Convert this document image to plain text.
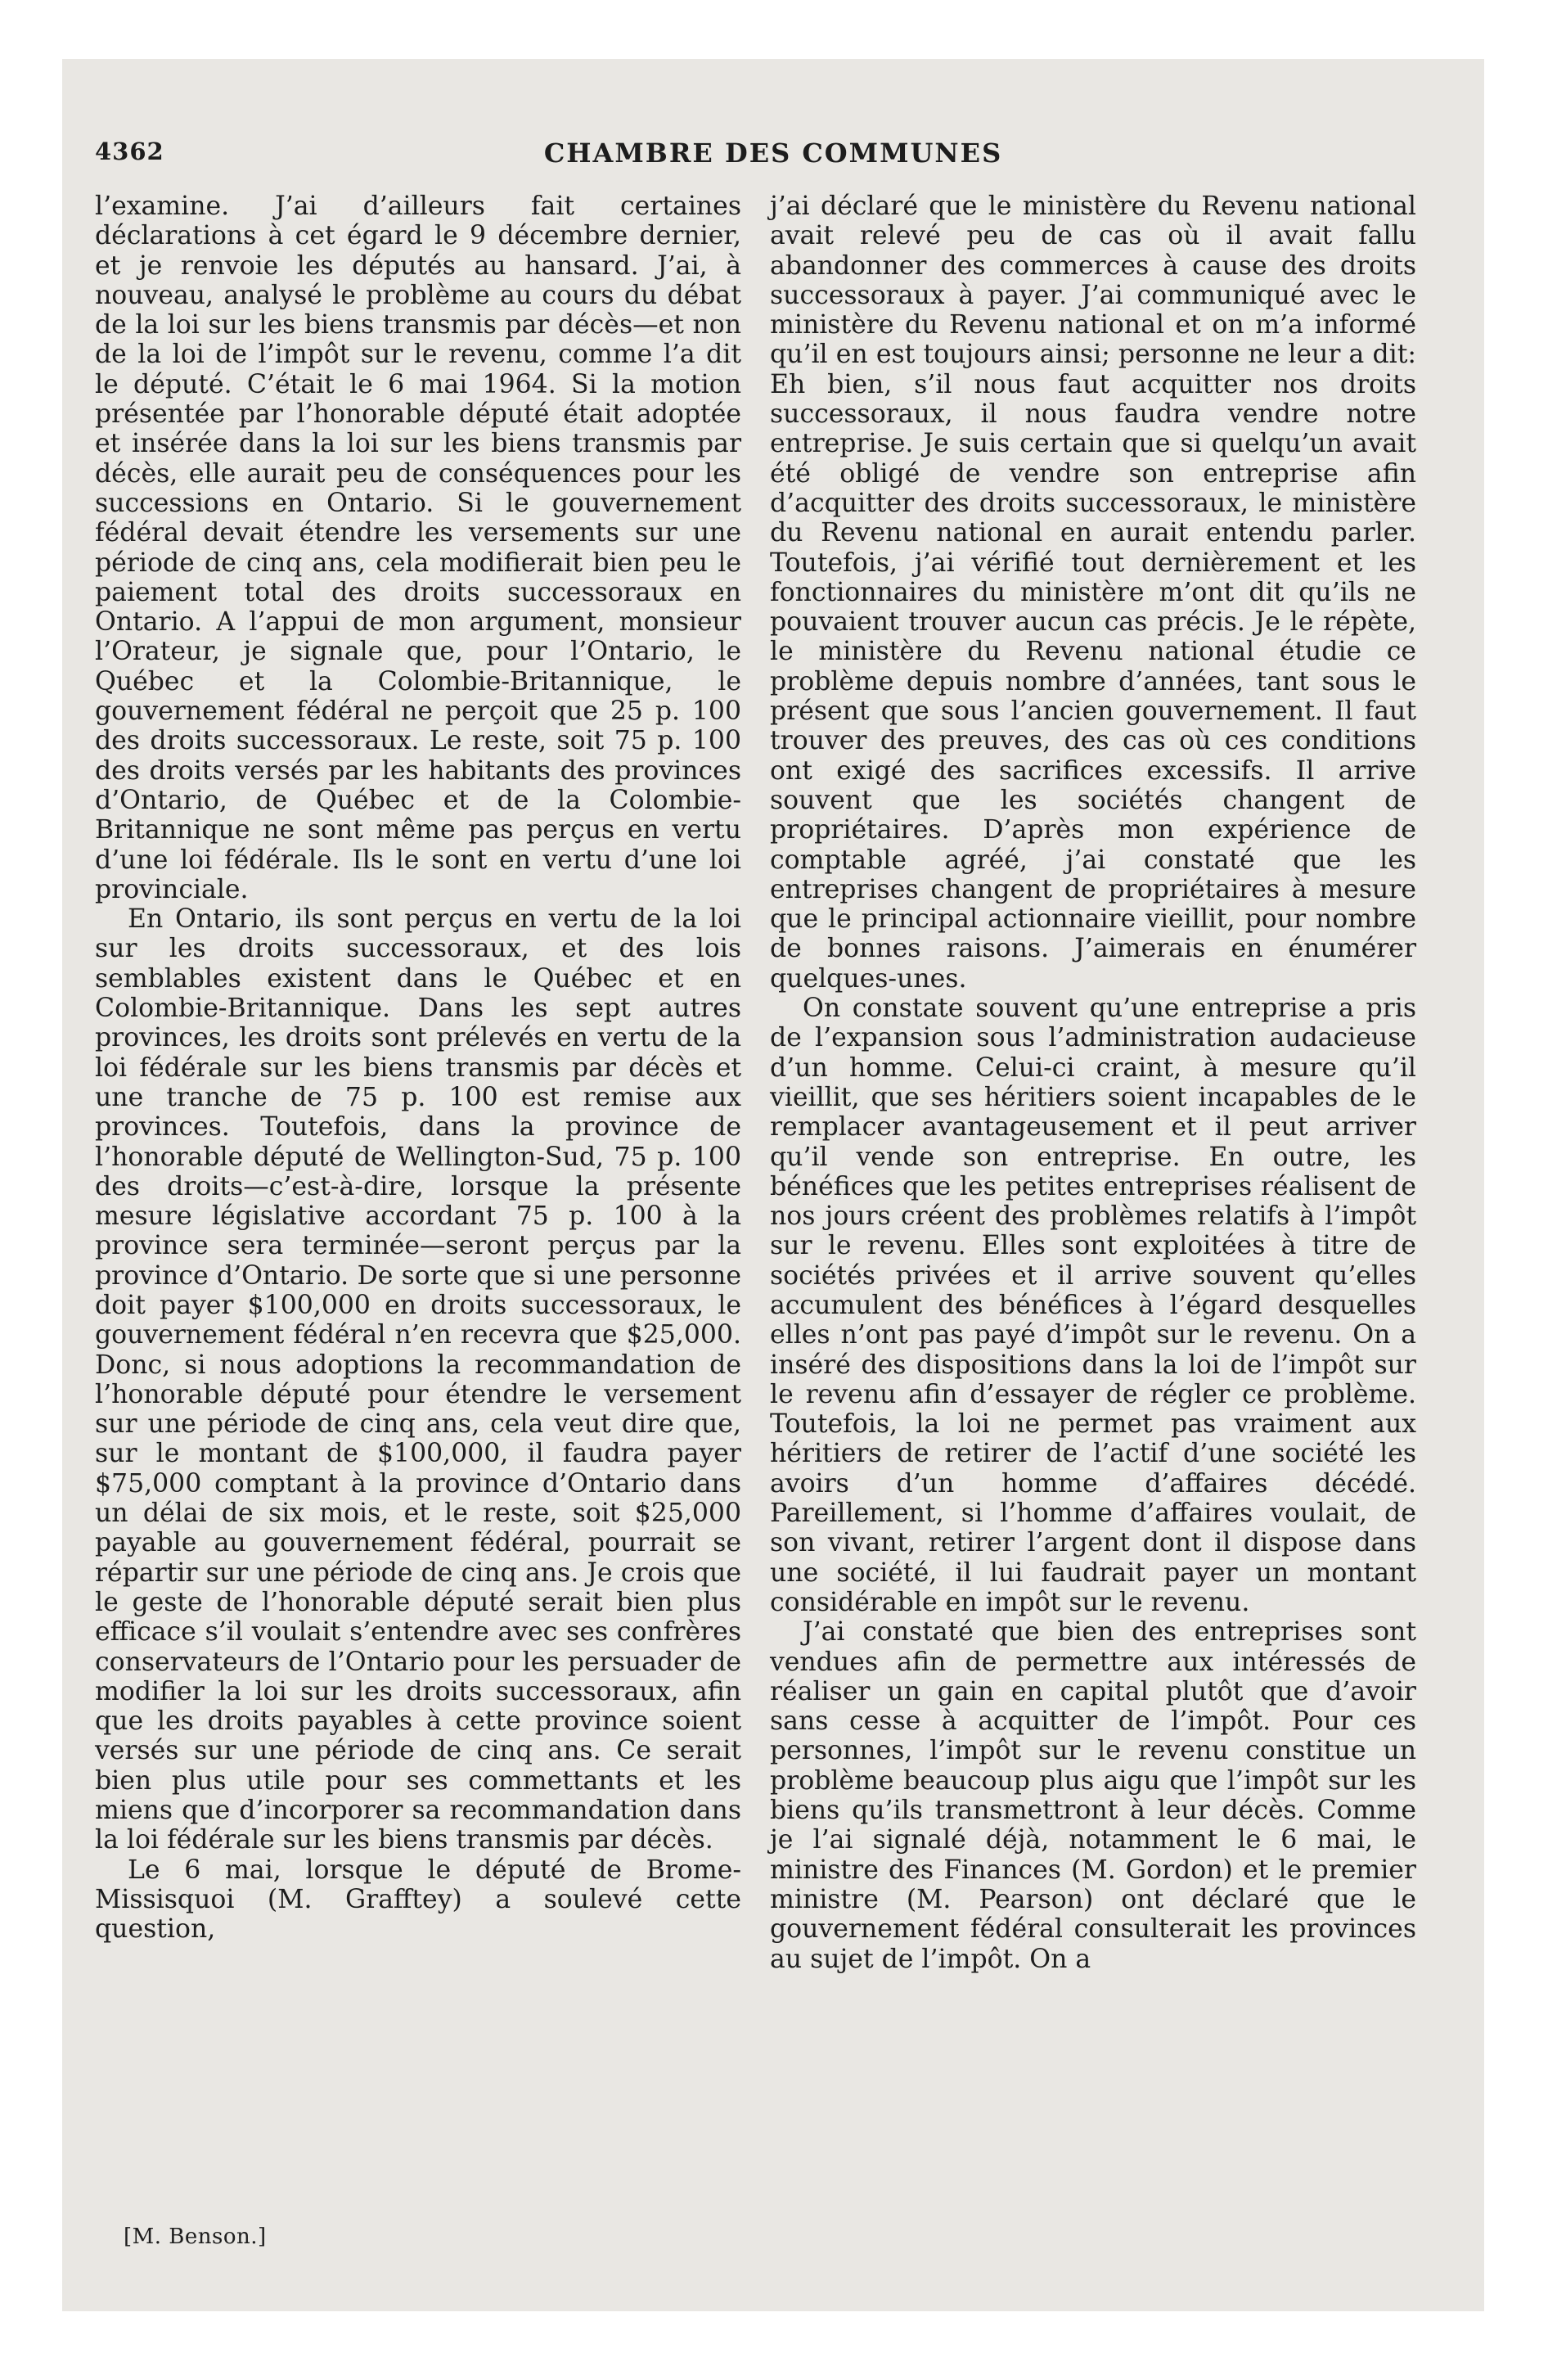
4362	CHAMBRE DES COMMUNES

l’examine. J’ai d’ailleurs fait certaines déclarations à cet égard le 9 décembre dernier, et je renvoie les députés au hansard. J’ai, à nouveau, analysé le problème au cours du débat de la loi sur les biens transmis par décès—et non de la loi de l’impôt sur le revenu, comme l’a dit le député. C’était le 6 mai 1964. Si la motion présentée par l’honorable député était adoptée et insérée dans la loi sur les biens transmis par décès, elle aurait peu de conséquences pour les successions en Ontario. Si le gouvernement fédéral devait étendre les versements sur une période de cinq ans, cela modifierait bien peu le paiement total des droits successoraux en Ontario. A l’appui de mon argument, monsieur l’Orateur, je signale que, pour l’Ontario, le Québec et la Colombie-Britannique, le gouvernement fédéral ne perçoit que 25 p. 100 des droits successoraux. Le reste, soit 75 p. 100 des droits versés par les habitants des provinces d’Ontario, de Québec et de la Colombie-Britannique ne sont même pas perçus en vertu d’une loi fédérale. Ils le sont en vertu d’une loi provinciale.

En Ontario, ils sont perçus en vertu de la loi sur les droits successoraux, et des lois semblables existent dans le Québec et en Colombie-Britannique. Dans les sept autres provinces, les droits sont prélevés en vertu de la loi fédérale sur les biens transmis par décès et une tranche de 75 p. 100 est remise aux provinces. Toutefois, dans la province de l’honorable député de Wellington-Sud, 75 p. 100 des droits—c’est-à-dire, lorsque la présente mesure législative accordant 75 p. 100 à la province sera terminée—seront perçus par la province d’Ontario. De sorte que si une personne doit payer $100,000 en droits successoraux, le gouvernement fédéral n’en recevra que $25,000. Donc, si nous adoptions la recommandation de l’honorable député pour étendre le versement sur une période de cinq ans, cela veut dire que, sur le montant de $100,000, il faudra payer $75,000 comptant à la province d’Ontario dans un délai de six mois, et le reste, soit $25,000 payable au gouvernement fédéral, pourrait se répartir sur une période de cinq ans. Je crois que le geste de l’honorable député serait bien plus efficace s’il voulait s’entendre avec ses confrères conservateurs de l’Ontario pour les persuader de modifier la loi sur les droits successoraux, afin que les droits payables à cette province soient versés sur une période de cinq ans. Ce serait bien plus utile pour ses commettants et les miens que d’incorporer sa recommandation dans la loi fédérale sur les biens transmis par décès.

Le 6 mai, lorsque le député de Brome-Missisquoi (M. Grafftey) a soulevé cette question,

j’ai déclaré que le ministère du Revenu national avait relevé peu de cas où il avait fallu abandonner des commerces à cause des droits successoraux à payer. J’ai communiqué avec le ministère du Revenu national et on m’a informé qu’il en est toujours ainsi; personne ne leur a dit: Eh bien, s’il nous faut acquitter nos droits successoraux, il nous faudra vendre notre entreprise. Je suis certain que si quelqu’un avait été obligé de vendre son entreprise afin d’acquitter des droits successoraux, le ministère du Revenu national en aurait entendu parler. Toutefois, j’ai vérifié tout dernièrement et les fonctionnaires du ministère m’ont dit qu’ils ne pouvaient trouver aucun cas précis. Je le répète, le ministère du Revenu national étudie ce problème depuis nombre d’années, tant sous le présent que sous l’ancien gouvernement. Il faut trouver des preuves, des cas où ces conditions ont exigé des sacrifices excessifs. Il arrive souvent que les sociétés changent de propriétaires. D’après mon expérience de comptable agréé, j’ai constaté que les entreprises changent de propriétaires à mesure que le principal actionnaire vieillit, pour nombre de bonnes raisons. J’aimerais en énumérer quelques-unes.

On constate souvent qu’une entreprise a pris de l’expansion sous l’administration audacieuse d’un homme. Celui-ci craint, à mesure qu’il vieillit, que ses héritiers soient incapables de le remplacer avantageusement et il peut arriver qu’il vende son entreprise. En outre, les bénéfices que les petites entreprises réalisent de nos jours créent des problèmes relatifs à l’impôt sur le revenu. Elles sont exploitées à titre de sociétés privées et il arrive souvent qu’elles accumulent des bénéfices à l’égard desquelles elles n’ont pas payé d’impôt sur le revenu. On a inséré des dispositions dans la loi de l’impôt sur le revenu afin d’essayer de régler ce problème. Toutefois, la loi ne permet pas vraiment aux héritiers de retirer de l’actif d’une société les avoirs d’un homme d’affaires décédé. Pareillement, si l’homme d’affaires voulait, de son vivant, retirer l’argent dont il dispose dans une société, il lui faudrait payer un montant considérable en impôt sur le revenu.

J’ai constaté que bien des entreprises sont vendues afin de permettre aux intéressés de réaliser un gain en capital plutôt que d’avoir sans cesse à acquitter de l’impôt. Pour ces personnes, l’impôt sur le revenu constitue un problème beaucoup plus aigu que l’impôt sur les biens qu’ils transmettront à leur décès. Comme je l’ai signalé déjà, notamment le 6 mai, le ministre des Finances (M. Gordon) et le premier ministre (M. Pearson) ont déclaré que le gouvernement fédéral consulterait les provinces au sujet de l’impôt. On a

[M. Benson.]
